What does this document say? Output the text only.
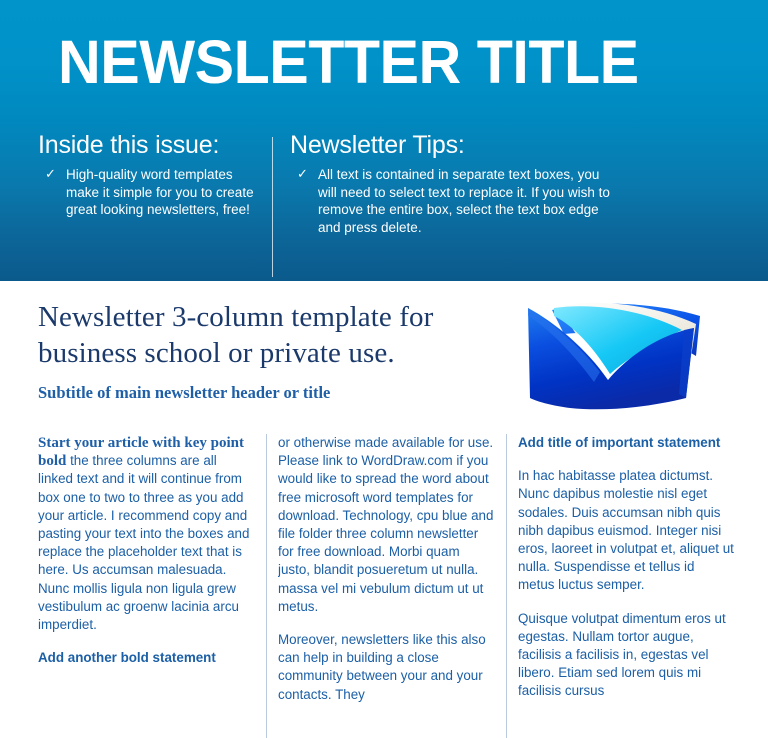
NEWSLETTER TITLE
Inside this issue:
✓ High-quality word templates make it simple for you to create great looking newsletters, free!
Newsletter Tips:
✓ All text is contained in separate text boxes, you will need to select text to replace it. If you wish to remove the entire box, select the text box edge and press delete.
Newsletter 3-column template for business school or private use.
Subtitle of main newsletter header or title

Start your article with key point bold the three columns are all linked text and it will continue from box one to two to three as you add your article. I recommend copy and pasting your text into the boxes and replace the placeholder text that is here. Us accumsan malesuada. Nunc mollis ligula non ligula grew vestibulum ac groenw lacinia arcu imperdiet.

Add another bold statement

or otherwise made available for use. Please link to WordDraw.com if you would like to spread the word about free microsoft word templates for download. Technology, cpu blue and file folder three column newsletter for free download. Morbi quam justo, blandit posueretum ut nulla. massa vel mi vebulum dictum ut ut metus.

Moreover, newsletters like this also can help in building a close community between your and your contacts. They

Add title of important statement

In hac habitasse platea dictumst. Nunc dapibus molestie nisl eget sodales. Duis accumsan nibh quis nibh dapibus euismod. Integer nisi eros, laoreet in volutpat et, aliquet ut nulla. Suspendisse et tellus id metus luctus semper.

Quisque volutpat dimentum eros ut egestas. Nullam tortor augue, facilisis a facilisis in, egestas vel libero. Etiam sed lorem quis mi facilisis cursus
